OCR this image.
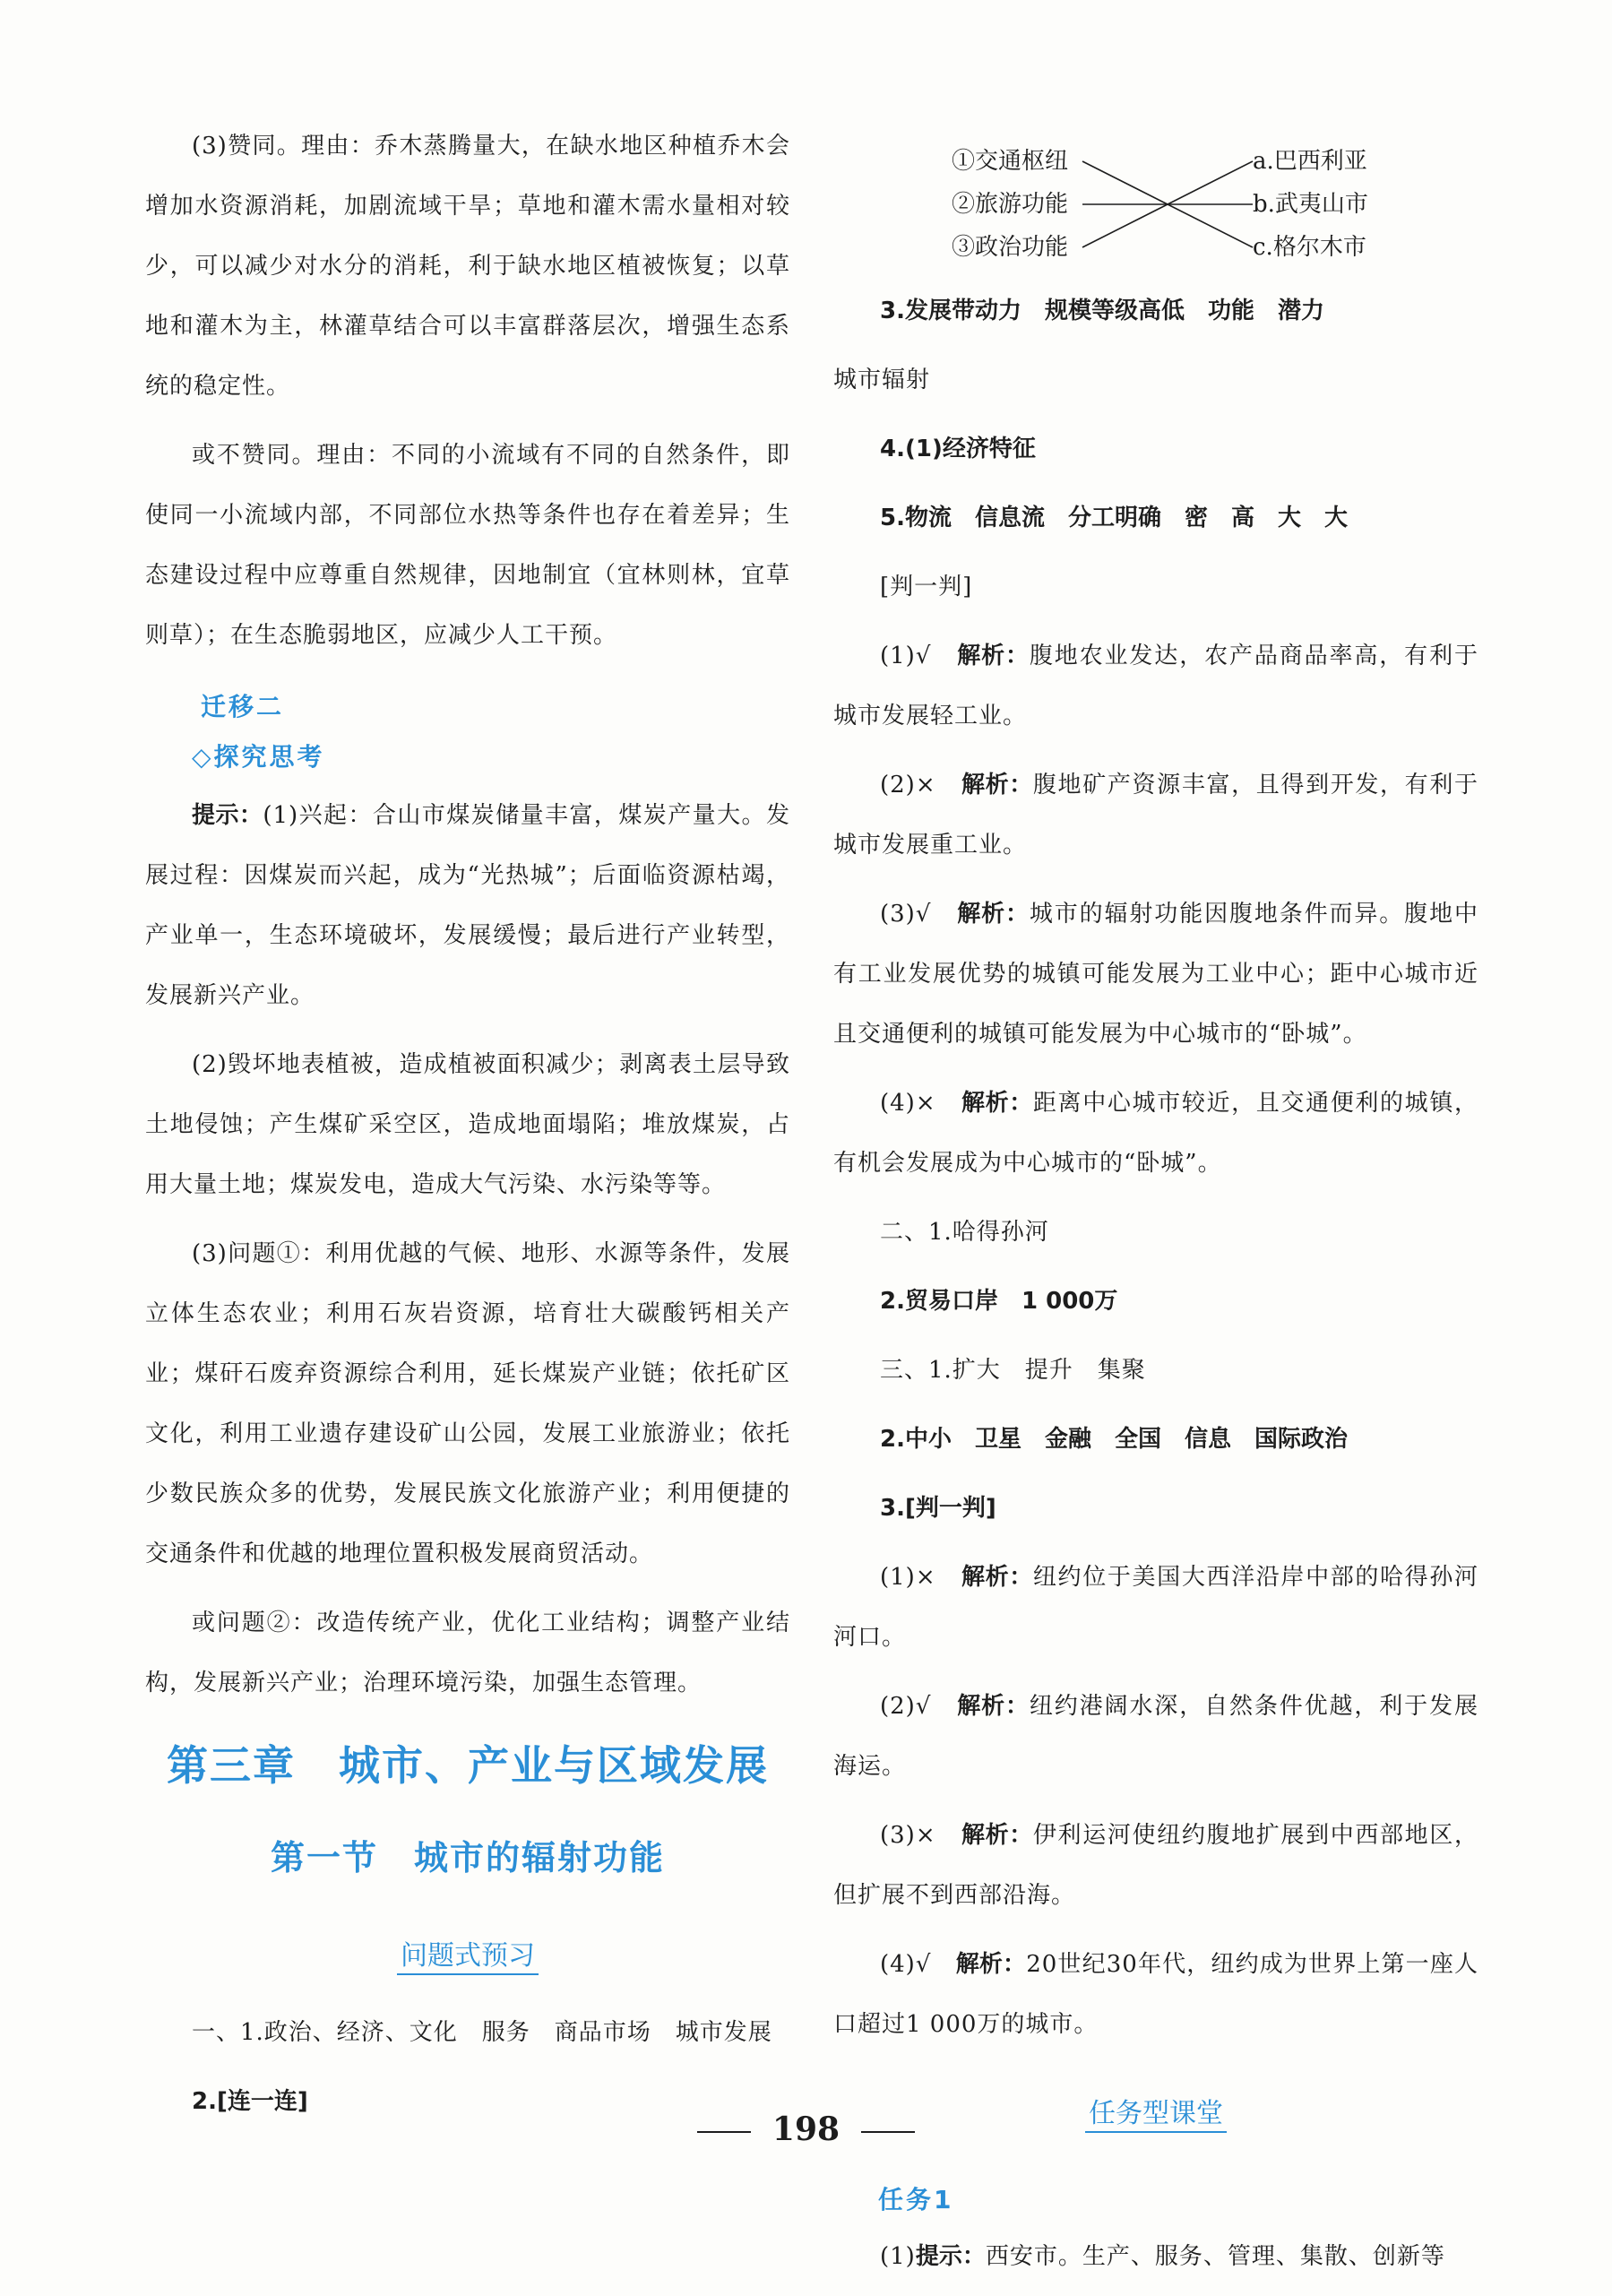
(3)赞同。理由：乔木蒸腾量大，在缺水地区种植乔木会增加水资源消耗，加剧流域干旱；草地和灌木需水量相对较少，可以减少对水分的消耗，利于缺水地区植被恢复；以草地和灌木为主，林灌草结合可以丰富群落层次，增强生态系统的稳定性。

或不赞同。理由：不同的小流域有不同的自然条件，即使同一小流域内部，不同部位水热等条件也存在着差异；生态建设过程中应尊重自然规律，因地制宜（宜林则林，宜草则草）；在生态脆弱地区，应减少人工干预。

迁移二
◇探究思考

提示：(1)兴起：合山市煤炭储量丰富，煤炭产量大。发展过程：因煤炭而兴起，成为“光热城”；后面临资源枯竭，产业单一，生态环境破坏，发展缓慢；最后进行产业转型，发展新兴产业。

(2)毁坏地表植被，造成植被面积减少；剥离表土层导致土地侵蚀；产生煤矿采空区，造成地面塌陷；堆放煤炭，占用大量土地；煤炭发电，造成大气污染、水污染等等。

(3)问题①：利用优越的气候、地形、水源等条件，发展立体生态农业；利用石灰岩资源，培育壮大碳酸钙相关产业；煤矸石废弃资源综合利用，延长煤炭产业链；依托矿区文化，利用工业遗存建设矿山公园，发展工业旅游业；依托少数民族众多的优势，发展民族文化旅游产业；利用便捷的交通条件和优越的地理位置积极发展商贸活动。

或问题②：改造传统产业，优化工业结构；调整产业结构，发展新兴产业；治理环境污染，加强生态管理。

第三章　城市、产业与区域发展
第一节　城市的辐射功能
问题式预习

一、1.政治、经济、文化　服务　商品市场　城市发展

2.[连一连]

①交通枢纽
②旅游功能
③政治功能
a.巴西利亚
b.武夷山市
c.格尔木市

3.发展带动力　规模等级高低　功能　潜力

城市辐射

4.(1)经济特征

5.物流　信息流　分工明确　密　高　大　大

[判一判]

(1)√　 解析：腹地农业发达，农产品商品率高，有利于城市发展轻工业。

(2)×　 解析：腹地矿产资源丰富，且得到开发，有利于城市发展重工业。

(3)√　 解析：城市的辐射功能因腹地条件而异。腹地中有工业发展优势的城镇可能发展为工业中心；距中心城市近且交通便利的城镇可能发展为中心城市的“卧城”。

(4)×　 解析：距离中心城市较近，且交通便利的城镇，有机会发展成为中心城市的“卧城”。

二、1.哈得孙河

2.贸易口岸　1 000万

三、1.扩大　提升　集聚

2.中小　卫星　金融　全国　信息　国际政治

3.[判一判]

(1)×　 解析：纽约位于美国大西洋沿岸中部的哈得孙河河口。

(2)√　 解析：纽约港阔水深，自然条件优越，利于发展海运。

(3)×　 解析：伊利运河使纽约腹地扩展到中西部地区，但扩展不到西部沿海。

(4)√　 解析：20世纪30年代，纽约成为世界上第一座人口超过1 000万的城市。

任务型课堂
任务1

(1)提示：西安市。生产、服务、管理、集散、创新等

198
